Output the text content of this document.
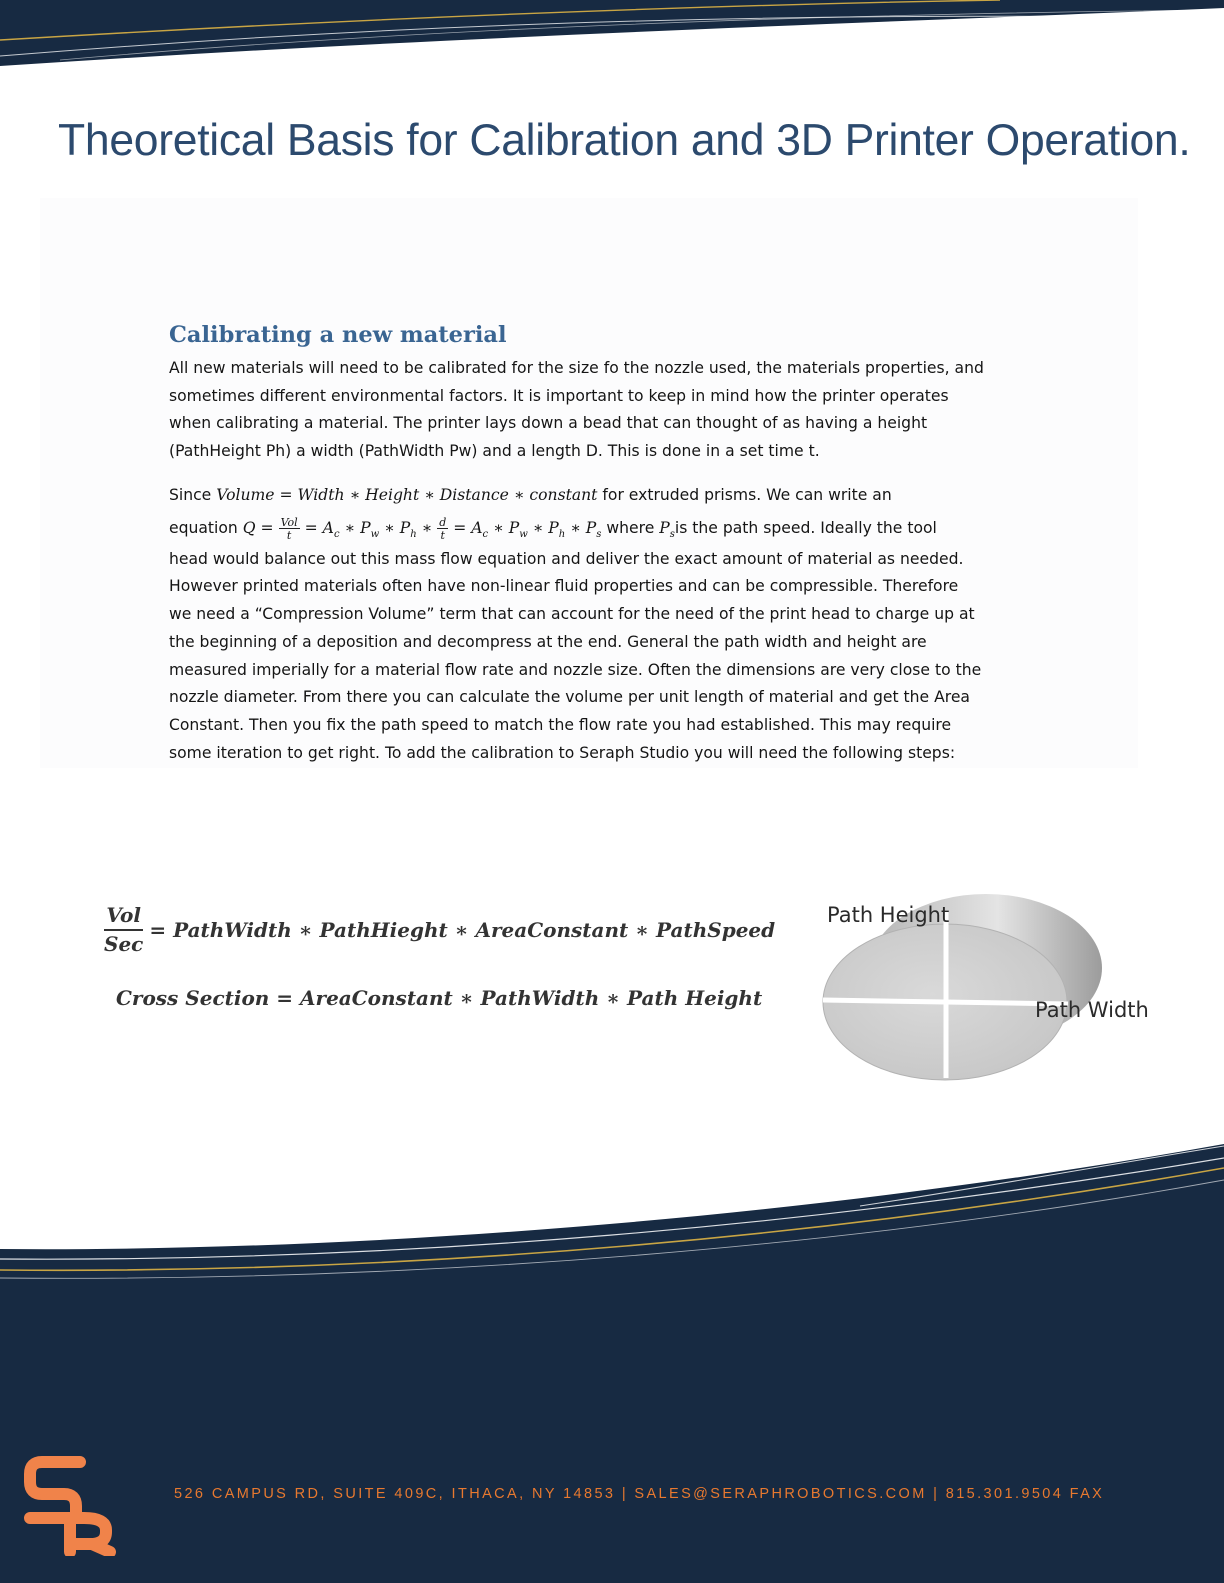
Theoretical Basis for Calibration and 3D Printer Operation.
Calibrating a new material
All new materials will need to be calibrated for the size fo the nozzle used, the materials properties, and
sometimes different environmental factors. It is important to keep in mind how the printer operates
when calibrating a material. The printer lays down a bead that can thought of as having a height
(PathHeight Ph) a width (PathWidth Pw) and a length D. This is done in a set time t.
Since Volume = Width ∗ Height ∗ Distance ∗ constant for extruded prisms. We can write an
equation $Q = \frac{\text{Vol}}{t} = A_c$ ∗ $P_w$ ∗ $P_h$ ∗ $\frac{d}{t} = A_c$ ∗ $P_w$ ∗ $P_h$ ∗ $P_s$ where $P_sis$ the path speed. Ideally the tool
head would balance out this mass flow equation and deliver the exact amount of material as needed.
However printed materials often have non-linear fluid properties and can be compressible. Therefore
we need a “Compression Volume” term that can account for the need of the print head to charge up at
the beginning of a deposition and decompress at the end. General the path width and height are
measured imperially for a material flow rate and nozzle size. Often the dimensions are very close to the
nozzle diameter. From there you can calculate the volume per unit length of material and get the Area
Constant. Then you fix the path speed to match the flow rate you had established. This may require
some iteration to get right. To add the calibration to Seraph Studio you will need the following steps:
Vol
Sec
= PathWidth ∗ PathHieght ∗ AreaConstant ∗ PathSpeed
Cross Section = AreaConstant ∗ PathWidth ∗ Path Height
Path Height
Path Width
526 CAMPUS RD, SUITE 409C, ITHACA, NY 14853 | SALES@SERAPHROBOTICS.COM | 815.301.9504 FAX
